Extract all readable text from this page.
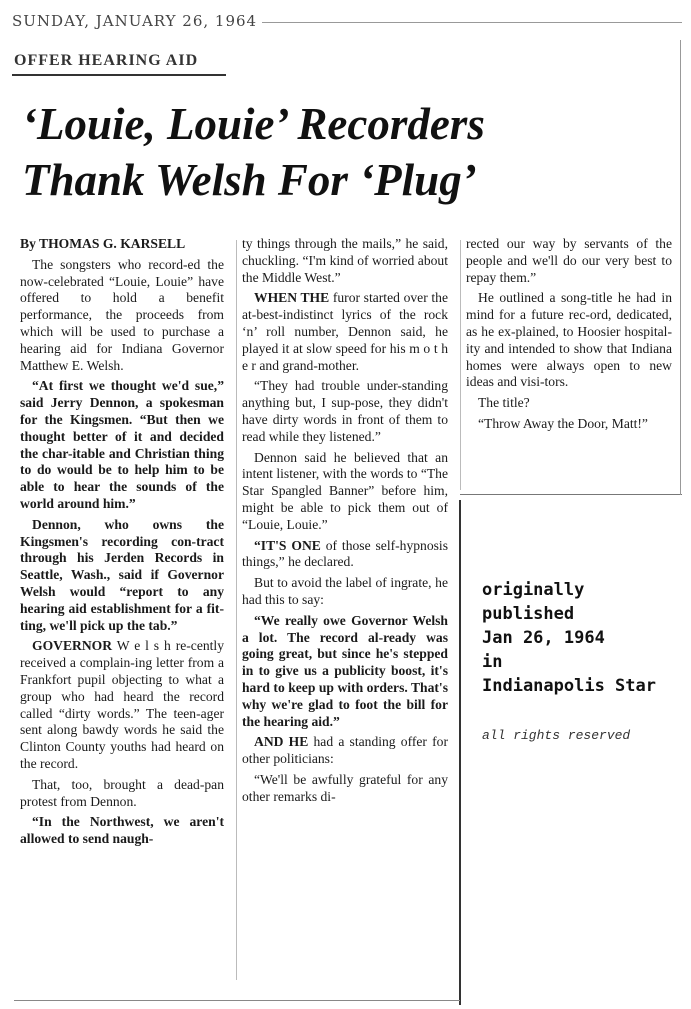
SUNDAY, JANUARY 26, 1964
OFFER HEARING AID
‘Louie, Louie’ Recorders
Thank Welsh For ‘Plug’

By THOMAS G. KARSELL

The songsters who record-ed the now-celebrated “Louie, Louie” have offered to hold a benefit performance, the proceeds from which will be used to purchase a hearing aid for Indiana Governor Matthew E. Welsh.

“At first we thought we'd sue,” said Jerry Dennon, a spokesman for the Kingsmen. “But then we thought better of it and decided the char-itable and Christian thing to do would be to help him to be able to hear the sounds of the world around him.”

Dennon, who owns the Kingsmen's recording con-tract through his Jerden Records in Seattle, Wash., said if Governor Welsh would “report to any hearing aid establishment for a fit-ting, we'll pick up the tab.”

GOVERNOR W e l s h re-cently received a complain-ing letter from a Frankfort pupil objecting to what a group who had heard the record called “dirty words.” The teen-ager sent along bawdy words he said the Clinton County youths had heard on the record.

That, too, brought a dead-pan protest from Dennon.

“In the Northwest, we aren't allowed to send naugh-

ty things through the mails,” he said, chuckling. “I'm kind of worried about the Middle West.”

WHEN THE furor started over the at-best-indistinct lyrics of the rock ‘n’ roll number, Dennon said, he played it at slow speed for his m o t h e r and grand-mother.

“They had trouble under-standing anything but, I sup-pose, they didn't have dirty words in front of them to read while they listened.”

Dennon said he believed that an intent listener, with the words to “The Star Spangled Banner” before him, might be able to pick them out of “Louie, Louie.”

“IT'S ONE of those self-hypnosis things,” he declared.

But to avoid the label of ingrate, he had this to say:

“We really owe Governor Welsh a lot. The record al-ready was going great, but since he's stepped in to give us a publicity boost, it's hard to keep up with orders. That's why we're glad to foot the bill for the hearing aid.”

AND HE had a standing offer for other politicians:

“We'll be awfully grateful for any other remarks di-

rected our way by servants of the people and we'll do our very best to repay them.”

He outlined a song-title he had in mind for a future rec-ord, dedicated, as he ex-plained, to Hoosier hospital-ity and intended to show that Indiana homes were always open to new ideas and visi-tors.

The title?

“Throw Away the Door, Matt!”

originally
published
Jan 26, 1964
in
Indianapolis Star
all rights reserved
